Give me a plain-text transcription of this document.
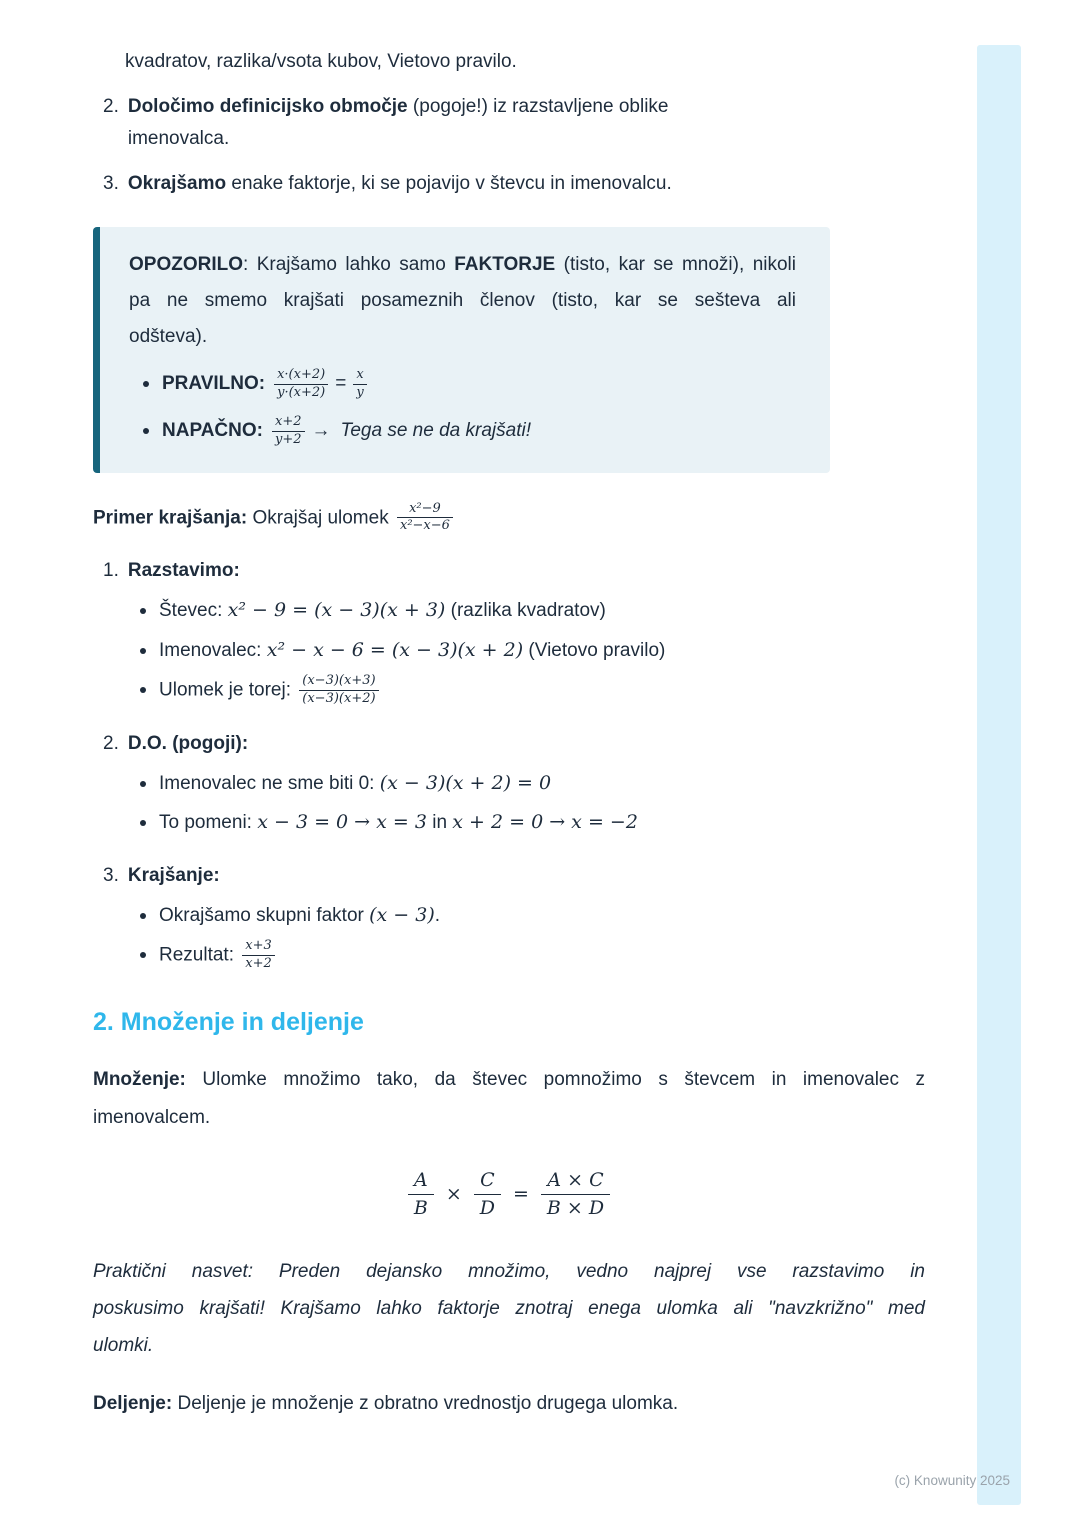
kvadratov, razlika/vsota kubov, Vietovo pravilo.
2. Določimo definicijsko območje (pogoje!) iz razstavljene oblike imenovalca.
3. Okrajšamo enake faktorje, ki se pojavijo v števcu in imenovalcu.

OPOZORILO: Krajšamo lahko samo FAKTORJE (tisto, kar se množi), nikoli pa ne smemo krajšati posameznih členov (tisto, kar se sešteva ali odšteva).

PRAVILNO: $\frac{x\cdot(x+2)}{y\cdot(x+2)} = \frac{x}{y}$
NAPAČNO: $\frac{x+2}{y+2}$ → Tega se ne da krajšati!
Primer krajšanja: Okrajšaj ulomek $\frac{\text{x²−9}}{\text{x²−x−6}}$
1. Razstavimo:
Števec: x² − 9 = (x − 3)(x + 3) (razlika kvadratov)
Imenovalec: x² − x − 6 = (x − 3)(x + 2) (Vietovo pravilo)
Ulomek je torej: $\frac{(x-3)(x+3)}{(x-3)(x+2)}$
2. D.O. (pogoji):
Imenovalec ne sme biti 0: (x − 3)(x + 2) = 0
To pomeni: x − 3 = 0 → x = 3 in x + 2 = 0 → x = −2
3. Krajšanje:
Okrajšamo skupni faktor (x − 3).
Rezultat: $\frac{x+3}{x+2}$
2. Množenje in deljenje

Množenje: Ulomke množimo tako, da števec pomnožimo s števcem in imenovalec z imenovalcem.

$\frac{A}{B} \times \frac{C}{D} = \frac{A \times C}{B \times D}$

Praktični nasvet: Preden dejansko množimo, vedno najprej vse razstavimo in poskusimo krajšati! Krajšamo lahko faktorje znotraj enega ulomka ali "navzkrižno" med ulomki.

Deljenje: Deljenje je množenje z obratno vrednostjo drugega ulomka.
(c) Knowunity 2025
